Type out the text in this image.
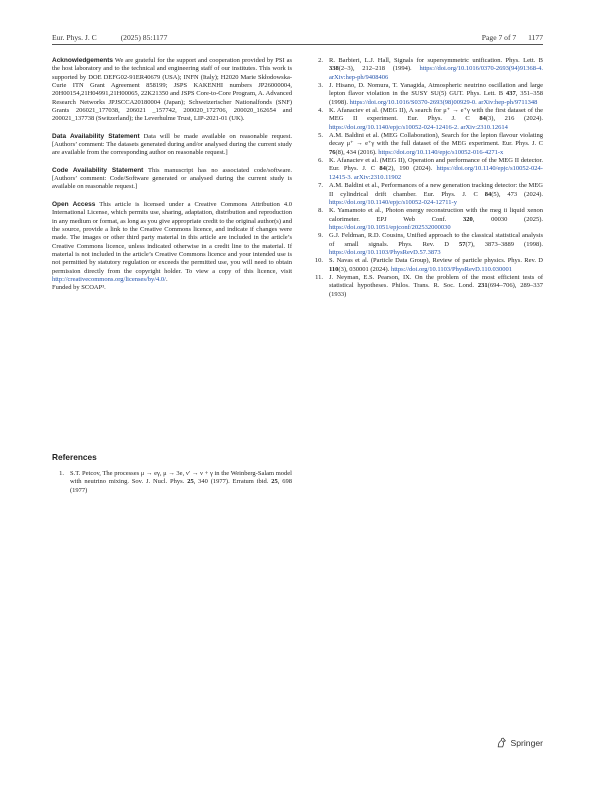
Eur. Phys. J. C	(2025) 85:1177	Page 7 of 7 1177

Acknowledgements We are grateful for the support and cooperation provided by PSI as the host laboratory and to the technical and engineering staff of our institutes. This work is supported by DOE DEFG02-91ER40679 (USA); INFN (Italy); H2020 Marie Skłodowska-Curie ITN Grant Agreement 858199; JSPS KAKENHI numbers JP26000004, 20H00154,21H04991,21H00065, 22K21350 and JSPS Core-to-Core Program, A. Advanced Research Networks JPJSCCA20180004 (Japan); Schweizerischer Nationalfonds (SNF) Grants 206021_177038, 206021 _157742, 200020_172706, 200020_162654 and 200021_137738 (Switzerland); the Leverhulme Trust, LIP-2021-01 (UK).

Data Availability Statement Data will be made available on reasonable request. [Authors’ comment: The datasets generated during and/or analysed during the current study are available from the corresponding author on reasonable request.]

Code Availability Statement This manuscript has no associated code/software. [Authors’ comment: Code/Software generated or analysed during the current study is available on reasonable request.]

Open Access This article is licensed under a Creative Commons Attribution 4.0 International License, which permits use, sharing, adaptation, distribution and reproduction in any medium or format, as long as you give appropriate credit to the original author(s) and the source, provide a link to the Creative Commons licence, and indicate if changes were made. The images or other third party material in this article are included in the article’s Creative Commons licence, unless indicated otherwise in a credit line to the material. If material is not included in the article’s Creative Commons licence and your intended use is not permitted by statutory regulation or exceeds the permitted use, you will need to obtain permission directly from the copyright holder. To view a copy of this licence, visit http://creativecommons.org/licenses/by/4.0/.
Funded by SCOAP³.

References
1. S.T. Petcov, The processes μ → eγ, μ → 3e, ν′ → ν + γ in the Weinberg-Salam model with neutrino mixing. Sov. J. Nucl. Phys. 25, 340 (1977). Erratum ibid. 25, 698 (1977)
2. R. Barbieri, L.J. Hall, Signals for supersymmetric unification. Phys. Lett. B 338(2–3), 212–218 (1994). https://doi.org/10.1016/0370-2693(94)91368-4. arXiv:hep-ph/9408406
3. J. Hisano, D. Nomura, T. Yanagida, Atmospheric neutrino oscillation and large lepton flavor violation in the SUSY SU(5) GUT. Phys. Lett. B 437, 351–358 (1998). https://doi.org/10.1016/S0370-2693(98)00929-0. arXiv:hep-ph/9711348
4. K. Afanaciev et al. (MEG II), A search for μ⁺ → e⁺γ with the first dataset of the MEG II experiment. Eur. Phys. J. C 84(3), 216 (2024). https://doi.org/10.1140/epjc/s10052-024-12416-2. arXiv:2310.12614
5. A.M. Baldini et al. (MEG Collaboration), Search for the lepton flavour violating decay μ⁺ → e⁺γ with the full dataset of the MEG experiment. Eur. Phys. J. C 76(8), 434 (2016). https://doi.org/10.1140/epjc/s10052-016-4271-x
6. K. Afanaciev et al. (MEG II), Operation and performance of the MEG II detector. Eur. Phys. J. C 84(2), 190 (2024). https://doi.org/10.1140/epjc/s10052-024-12415-3. arXiv:2310.11902
7. A.M. Baldini et al., Performances of a new generation tracking detector: the MEG II cylindrical drift chamber. Eur. Phys. J. C 84(5), 473 (2024). https://doi.org/10.1140/epjc/s10052-024-12711-y
8. K. Yamamoto et al., Photon energy reconstruction with the meg ii liquid xenon calorimeter. EPJ Web Conf. 320, 00030 (2025). https://doi.org/10.1051/epjconf/202532000030
9. G.J. Feldman, R.D. Cousins, Unified approach to the classical statistical analysis of small signals. Phys. Rev. D 57(7), 3873–3889 (1998). https://doi.org/10.1103/PhysRevD.57.3873
10. S. Navas et al. (Particle Data Group), Review of particle physics. Phys. Rev. D 110(3), 030001 (2024). https://doi.org/10.1103/PhysRevD.110.030001
11. J. Neyman, E.S. Pearson, IX. On the problem of the most efficient tests of statistical hypotheses. Philos. Trans. R. Soc. Lond. 231(694–706), 289–337 (1933)
Springer
